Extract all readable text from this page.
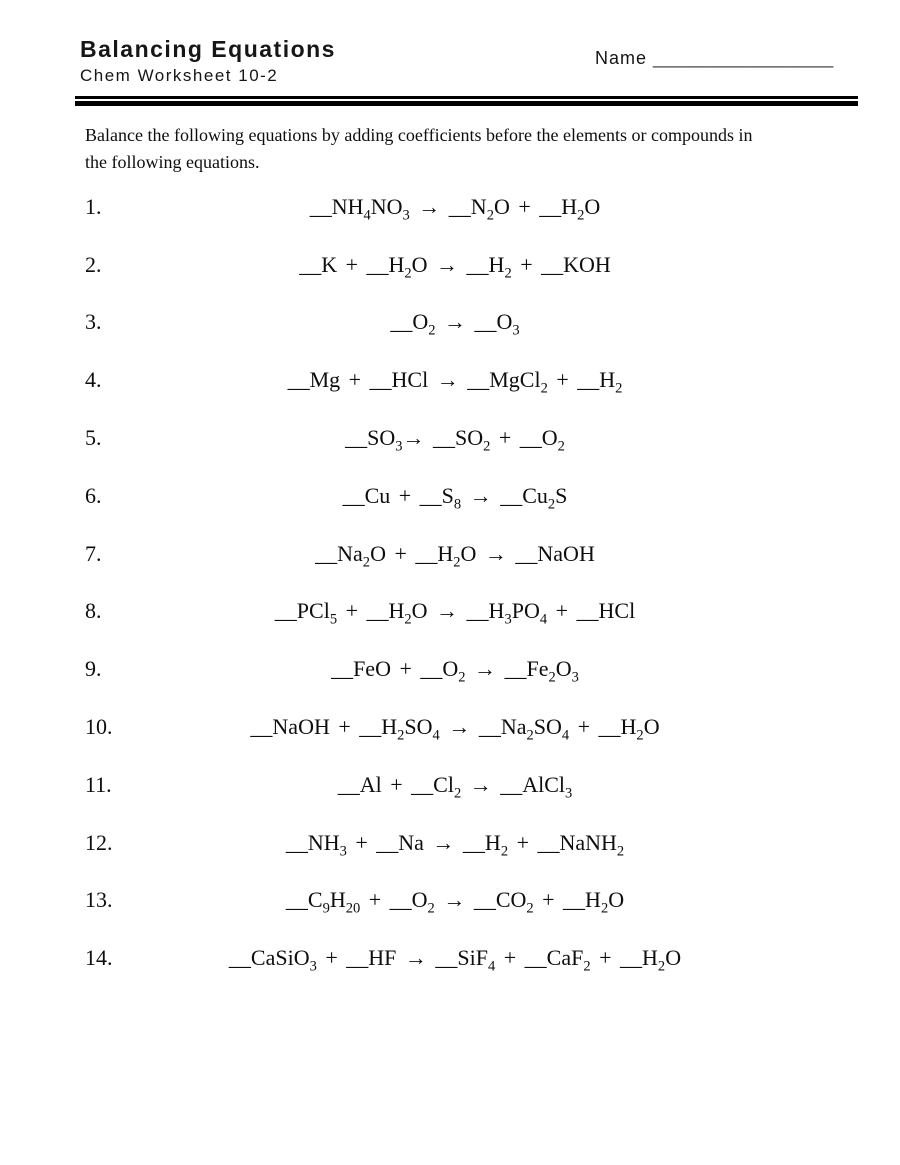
Balancing Equations
Chem Worksheet 10-2
Name __________________
Balance the following equations by adding coefficients before the elements or compounds in the following equations.
1.	$\_\_NH_4NO_3$ → $\_\_N_2O$ + $\_\_H_2O$
2.	__K + $\_\_H_2O$ → $\_\_H_2$ + __KOH
3.	$\_\_O_2$ → $\_\_O_3$
4.	__Mg + __HCl → __MgCl$_2$ + $\_\_H_2$
5.	$\_\_SO_3\to$ $\_\_SO_2$ + $\_\_O_2$
6.	__Cu + $\_\_S_8$ → $\_\_Cu_2S$
7.	$\_\_Na_2O$ + $\_\_H_2O$ → __NaOH
8.	__PCl$_5$ + $\_\_H_2O$ → $\_\_H_3PO_4$ + __HCl
9.	__FeO + $\_\_O_2$ → $\_\_Fe_2O_3$
10.	__NaOH + $\_\_H_2SO_4$ → $\_\_Na_2SO_4$ + $\_\_H_2O$
11.	__Al + $\_\_Cl_2$ → __AlCl$_3$
12.	$\_\_NH_3$ + __Na → $\_\_H_2$ + __NaNH$_2$
13.	$\_\_C_9H_{20}$ + $\_\_O_2$ → $\_\_CO_2$ + $\_\_H_2O$
14.	__CaSiO$_3$ + __HF → __SiF$_4$ + __CaF$_2$ + $\_\_H_2O$
